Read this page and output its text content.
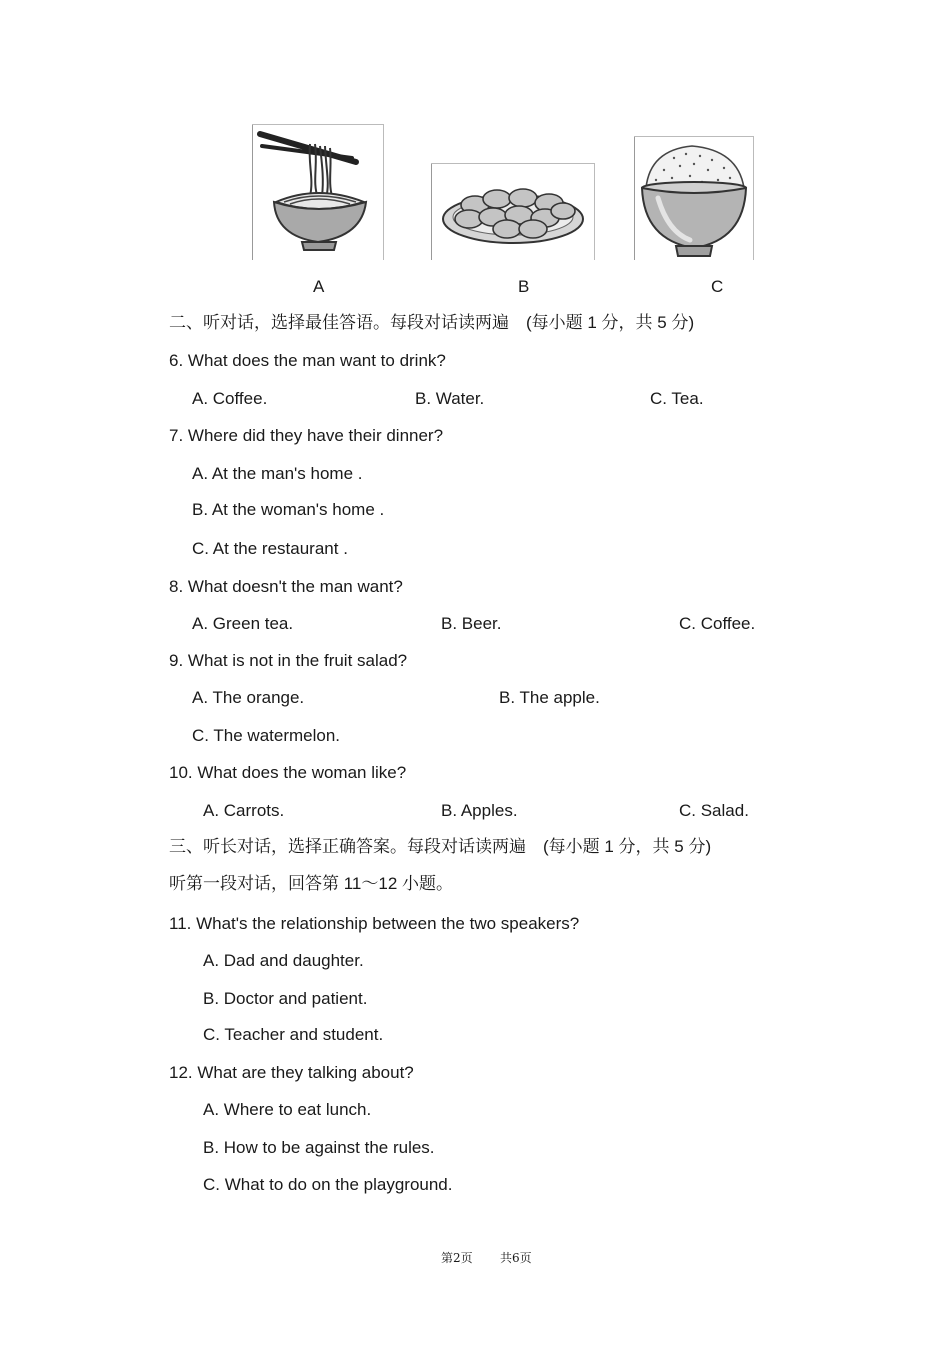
A	B	C
二、听对话，选择最佳答语。每段对话读两遍　(每小题 1 分，共 5 分)
6. What does the man want to drink?
A. Coffee.	B. Water.	C. Tea.
7. Where did they have their dinner?
A. At the man's home .
B. At the woman's home .
C. At the restaurant .
8. What doesn't the man want?
A. Green tea.	B. Beer.	C. Coffee.
9. What is not in the fruit salad?
A. The orange.	B. The apple.
C. The watermelon.
10. What does the woman like?
A. Carrots.	B. Apples.	C. Salad.
三、听长对话，选择正确答案。每段对话读两遍　(每小题 1 分，共 5 分)
听第一段对话，回答第 11～12 小题。
11. What's the relationship between the two speakers?
A. Dad and daughter.
B. Doctor and patient.
C. Teacher and student.
12. What are they talking about?
A. Where to eat lunch.
B. How to be against the rules.
C. What to do on the playground.
第2页 共6页
